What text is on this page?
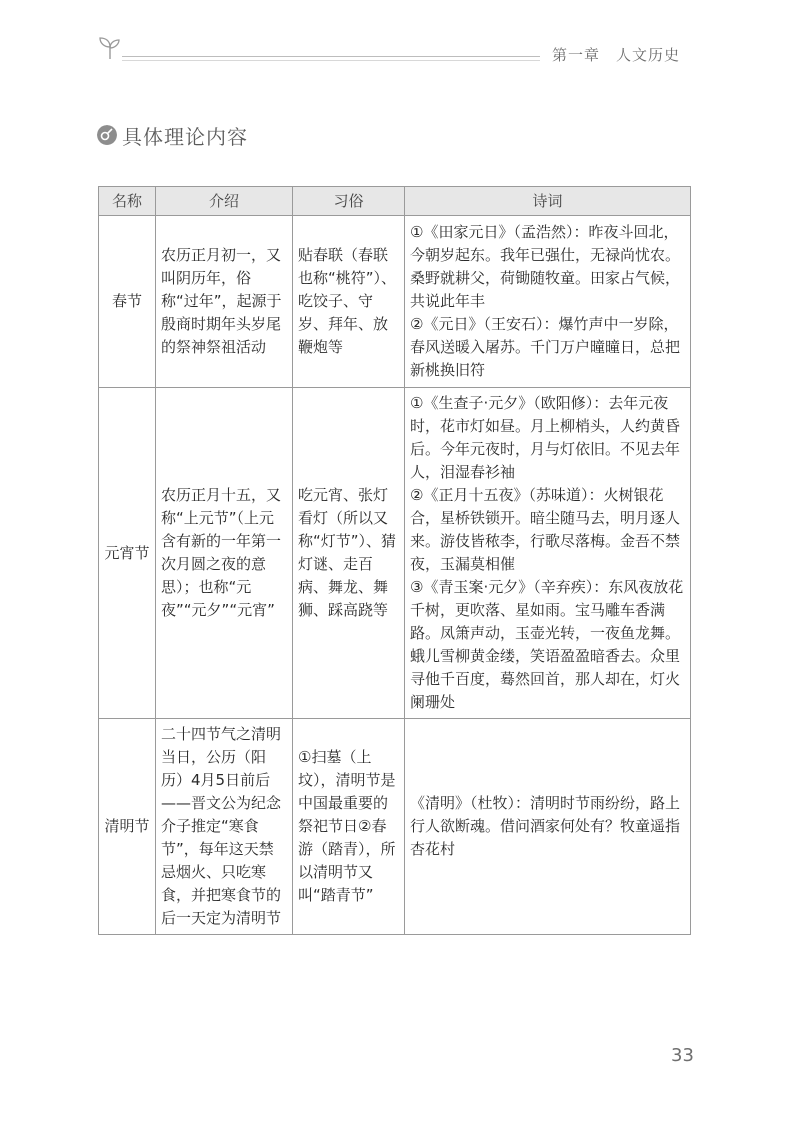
第一章 人文历史
具体理论内容
名称	介绍	习俗	诗词
春节	农历正月初一，又叫阴历年，俗称“过年”，起源于殷商时期年头岁尾的祭神祭祖活动	贴春联（春联也称“桃符”）、吃饺子、守岁、拜年、放鞭炮等	①《田家元日》（孟浩然）：昨夜斗回北，今朝岁起东。我年已强仕，无禄尚忧农。桑野就耕父，荷锄随牧童。田家占气候，共说此年丰
②《元日》（王安石）：爆竹声中一岁除，春风送暖入屠苏。千门万户曈曈日，总把新桃换旧符

元宵节	农历正月十五，又称“上元节”（上元含有新的一年第一次月圆之夜的意思）；也称“元夜”“元夕”“元宵”	吃元宵、张灯看灯（所以又称“灯节”）、猜灯谜、走百病、舞龙、舞狮、踩高跷等	①《生查子·元夕》（欧阳修）：去年元夜时，花市灯如昼。月上柳梢头，人约黄昏后。今年元夜时，月与灯依旧。不见去年人，泪湿春衫袖
②《正月十五夜》（苏味道）：火树银花合，星桥铁锁开。暗尘随马去，明月逐人来。游伎皆秾李，行歌尽落梅。金吾不禁夜，玉漏莫相催
③《青玉案·元夕》（辛弃疾）：东风夜放花千树，更吹落、星如雨。宝马雕车香满路。凤箫声动，玉壶光转，一夜鱼龙舞。蛾儿雪柳黄金缕，笑语盈盈暗香去。众里寻他千百度，蓦然回首，那人却在，灯火阑珊处

清明节	二十四节气之清明当日，公历（阳历）4月5日前后——晋文公为纪念介子推定“寒食节”，每年这天禁忌烟火、只吃寒食，并把寒食节的后一天定为清明节	①扫墓（上坟），清明节是中国最重要的祭祀节日②春游（踏青），所以清明节又叫“踏青节”	《清明》（杜牧）：清明时节雨纷纷，路上行人欲断魂。借问酒家何处有？牧童遥指杏花村
33
